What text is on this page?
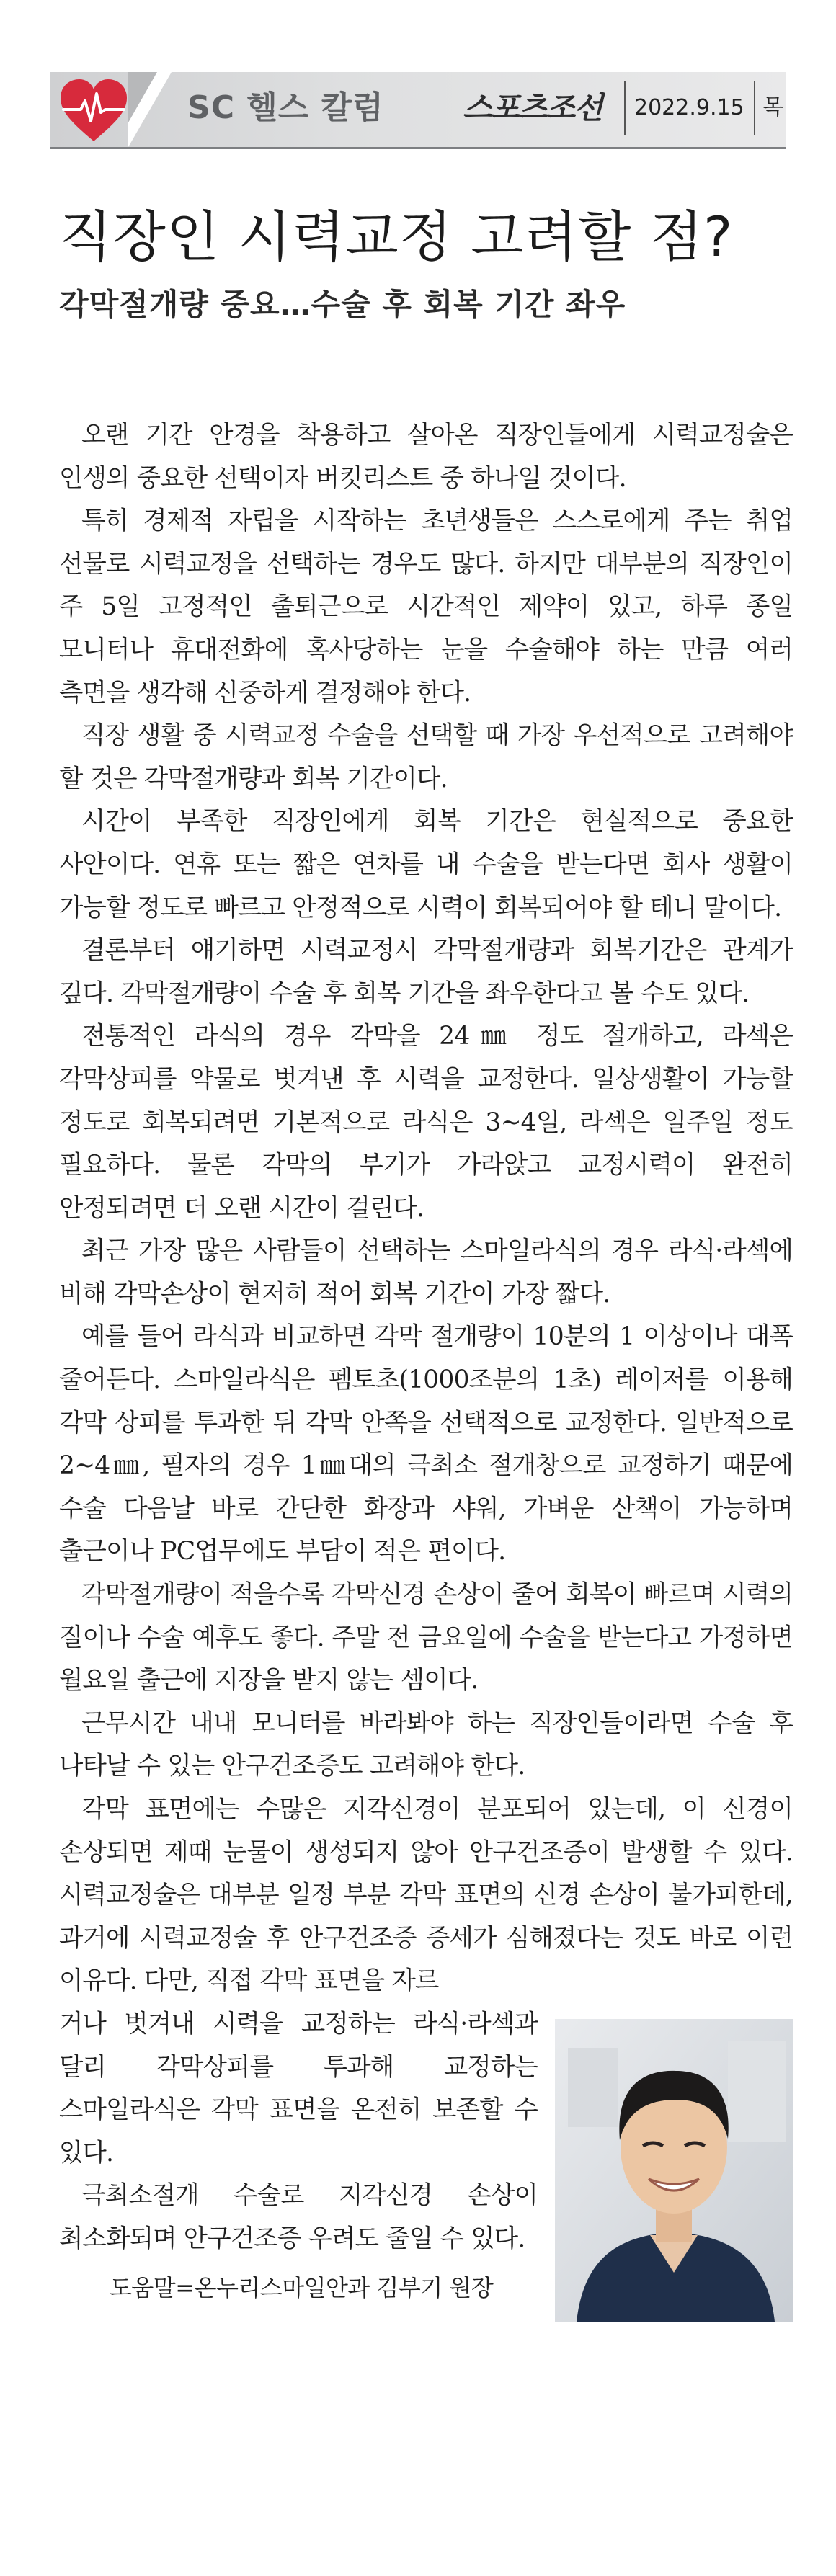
SC 헬스 칼럼	스포츠조선	2022.9.15 목
직장인 시력교정 고려할 점?
각막절개량 중요…수술 후 회복 기간 좌우

오랜 기간 안경을 착용하고 살아온 직장인들에게 시력교정술은 인생의 중요한 선택이자 버킷리스트 중 하나일 것이다.

특히 경제적 자립을 시작하는 초년생들은 스스로에게 주는 취업 선물로 시력교정을 선택하는 경우도 많다. 하지만 대부분의 직장인이 주 5일 고정적인 출퇴근으로 시간적인 제약이 있고, 하루 종일 모니터나 휴대전화에 혹사당하는 눈을 수술해야 하는 만큼 여러 측면을 생각해 신중하게 결정해야 한다.

직장 생활 중 시력교정 수술을 선택할 때 가장 우선적으로 고려해야 할 것은 각막절개량과 회복 기간이다.

시간이 부족한 직장인에게 회복 기간은 현실적으로 중요한 사안이다. 연휴 또는 짧은 연차를 내 수술을 받는다면 회사 생활이 가능할 정도로 빠르고 안정적으로 시력이 회복되어야 할 테니 말이다.

결론부터 얘기하면 시력교정시 각막절개량과 회복기간은 관계가 깊다. 각막절개량이 수술 후 회복 기간을 좌우한다고 볼 수도 있다.

전통적인 라식의 경우 각막을 24㎜ 정도 절개하고, 라섹은 각막상피를 약물로 벗겨낸 후 시력을 교정한다. 일상생활이 가능할 정도로 회복되려면 기본적으로 라식은 3~4일, 라섹은 일주일 정도 필요하다. 물론 각막의 부기가 가라앉고 교정시력이 완전히 안정되려면 더 오랜 시간이 걸린다.

최근 가장 많은 사람들이 선택하는 스마일라식의 경우 라식·라섹에 비해 각막손상이 현저히 적어 회복 기간이 가장 짧다.

예를 들어 라식과 비교하면 각막 절개량이 10분의 1 이상이나 대폭 줄어든다. 스마일라식은 펨토초(1000조분의 1초) 레이저를 이용해 각막 상피를 투과한 뒤 각막 안쪽을 선택적으로 교정한다. 일반적으로 2~4㎜, 필자의 경우 1㎜대의 극최소 절개창으로 교정하기 때문에 수술 다음날 바로 간단한 화장과 샤워, 가벼운 산책이 가능하며 출근이나 PC업무에도 부담이 적은 편이다.

각막절개량이 적을수록 각막신경 손상이 줄어 회복이 빠르며 시력의 질이나 수술 예후도 좋다. 주말 전 금요일에 수술을 받는다고 가정하면 월요일 출근에 지장을 받지 않는 셈이다.

근무시간 내내 모니터를 바라봐야 하는 직장인들이라면 수술 후 나타날 수 있는 안구건조증도 고려해야 한다.

각막 표면에는 수많은 지각신경이 분포되어 있는데, 이 신경이 손상되면 제때 눈물이 생성되지 않아 안구건조증이 발생할 수 있다. 시력교정술은 대부분 일정 부분 각막 표면의 신경 손상이 불가피한데, 과거에 시력교정술 후 안구건조증 증세가 심해졌다는 것도 바로 이런 이유다. 다만, 직접 각막 표면을 자르

거나 벗겨내 시력을 교정하는 라식·라섹과 달리 각막상피를 투과해 교정하는 스마일라식은 각막 표면을 온전히 보존할 수 있다.

극최소절개 수술로 지각신경 손상이 최소화되며 안구건조증 우려도 줄일 수 있다.

도움말=온누리스마일안과 김부기 원장
